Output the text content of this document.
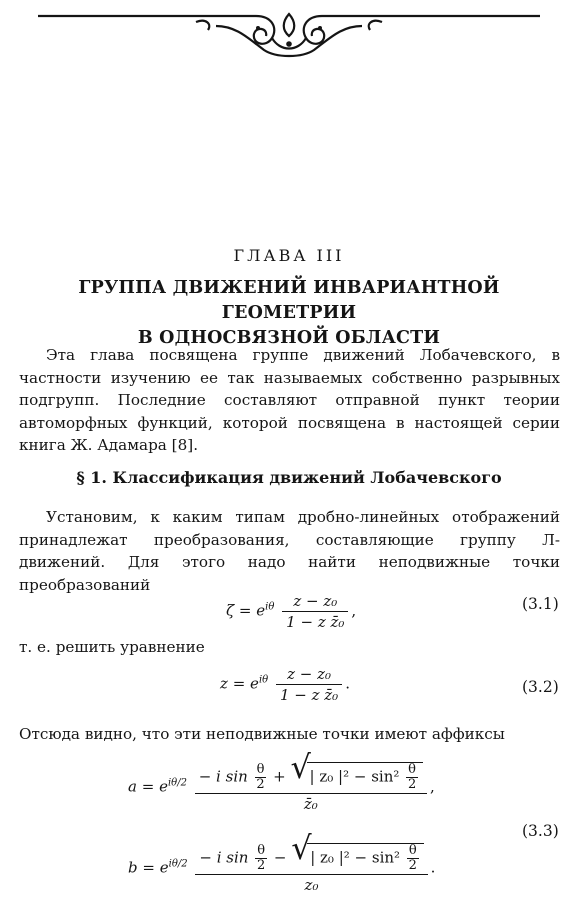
ГЛАВА III
ГРУППА ДВИЖЕНИЙ ИНВАРИАНТНОЙ ГЕОМЕТРИИ
В ОДНОСВЯЗНОЙ ОБЛАСТИ
Эта глава посвящена группе движений Лобачевского, в частности изучению ее так называемых собственно разрывных подгрупп. Последние составляют отправной пункт теории автоморфных функций, которой посвящена в настоящей серии книга Ж. Адамара [8].
§ 1. Классификация движений Лобачевского
Установим, к каким типам дробно-линейных отображений принадлежат преобразования, составляющие группу Л-движений. Для этого надо найти неподвижные точки преобразований
$\zeta = e^{i\theta} \frac{\text{z − z₀}}{\text{1 − z z̄₀}}$ ,	(3.1)
т. е. решить уравнение
$z = e^{i\theta} \frac{\text{z − z₀}}{\text{1 − z z̄₀}}$ .	(3.2)
Отсюда видно, что эти неподвижные точки имеют аффиксы
$a = e^{i\theta/2} - i$ $\sin \frac{\theta}{2}$ + √
| z₀ $|^2 - \sin^2 \frac{\theta}{2}$
z̄₀ ,
(3.3)
$b = e^{i\theta/2} - i$ $\sin \frac{\theta}{2}$ − √
| z₀ $|^2 - \sin^2 \frac{\theta}{2}$
z₀ .
